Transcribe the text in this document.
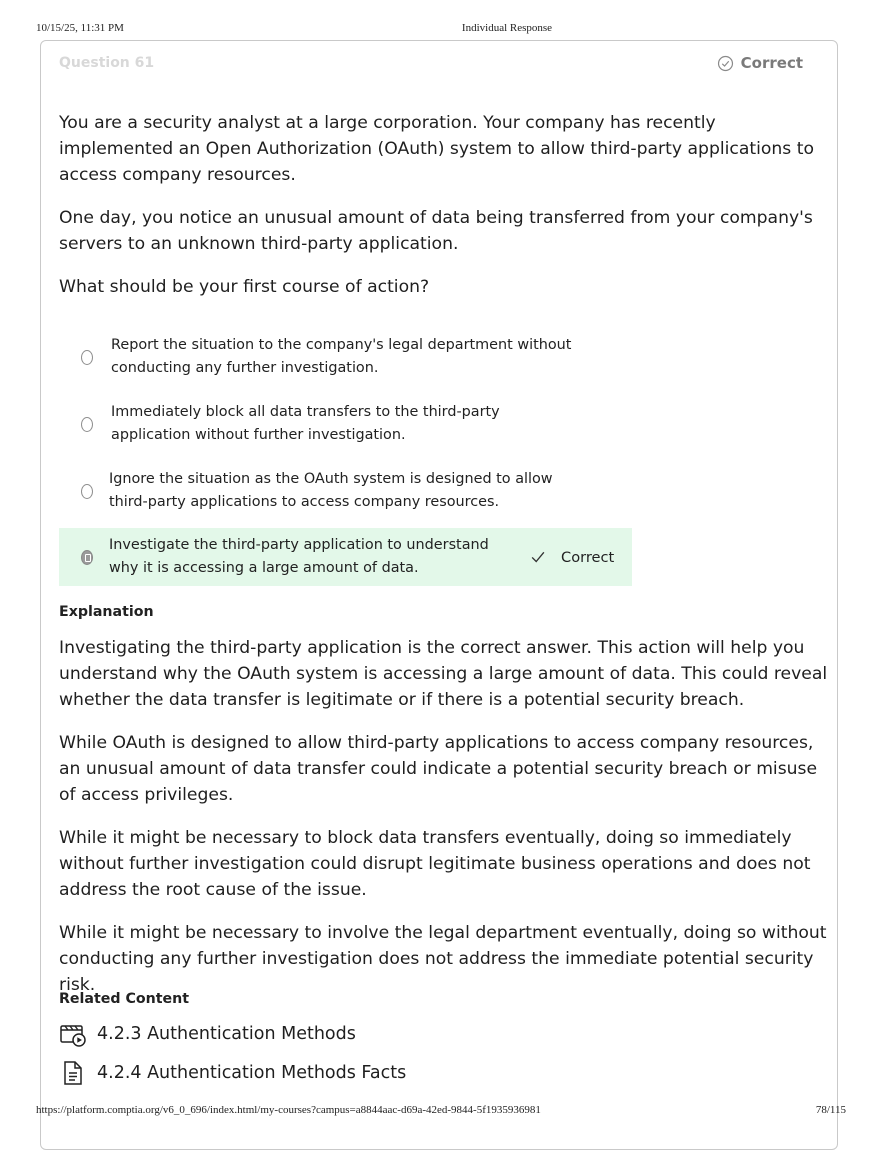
10/15/25, 11:31 PM	Individual Response
Question 61	Correct

You are a security analyst at a large corporation. Your company has recently implemented an Open Authorization (OAuth) system to allow third-party applications to access company resources.

One day, you notice an unusual amount of data being transferred from your company's servers to an unknown third-party application.

What should be your first course of action?

Report the situation to the company's legal department without conducting any further investigation.
Immediately block all data transfers to the third-party application without further investigation.
Ignore the situation as the OAuth system is designed to allow third-party applications to access company resources.
Investigate the third-party application to understand why it is accessing a large amount of data.
Correct
Explanation

Investigating the third-party application is the correct answer. This action will help you understand why the OAuth system is accessing a large amount of data. This could reveal whether the data transfer is legitimate or if there is a potential security breach.

While OAuth is designed to allow third-party applications to access company resources, an unusual amount of data transfer could indicate a potential security breach or misuse of access privileges.

While it might be necessary to block data transfers eventually, doing so immediately without further investigation could disrupt legitimate business operations and does not address the root cause of the issue.

While it might be necessary to involve the legal department eventually, doing so without conducting any further investigation does not address the immediate potential security risk.

Related Content
4.2.3 Authentication Methods
4.2.4 Authentication Methods Facts
https://platform.comptia.org/v6_0_696/index.html/my-courses?campus=a8844aac-d69a-42ed-9844-5f1935936981	78/115
